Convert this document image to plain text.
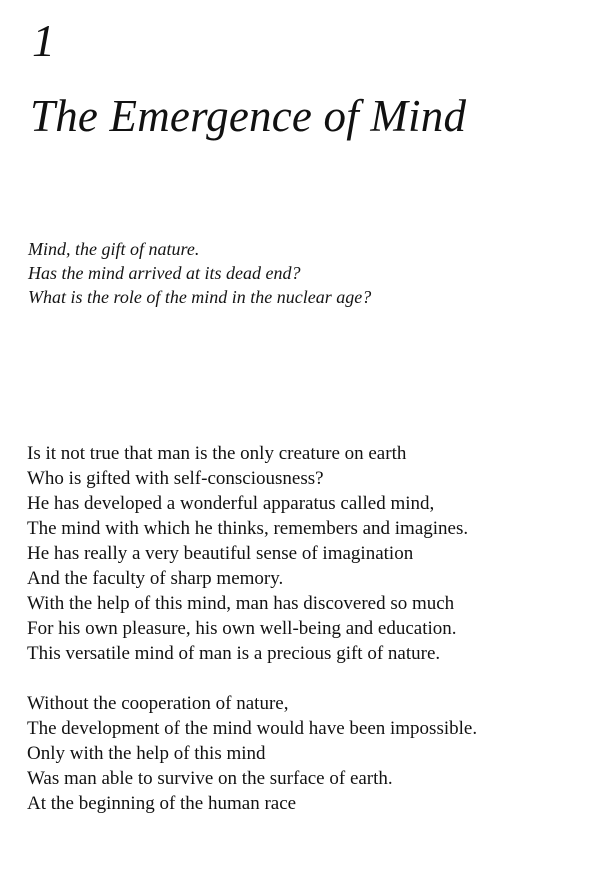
1
The Emergence of Mind
Mind, the gift of nature.
Has the mind arrived at its dead end?
What is the role of the mind in the nuclear age?

Is it not true that man is the only creature on earth
Who is gifted with self-consciousness?
He has developed a wonderful apparatus called mind,
The mind with which he thinks, remembers and imagines.
He has really a very beautiful sense of imagination
And the faculty of sharp memory.
With the help of this mind, man has discovered so much
For his own pleasure, his own well-being and education.
This versatile mind of man is a precious gift of nature.

Without the cooperation of nature,
The development of the mind would have been impossible.
Only with the help of this mind
Was man able to survive on the surface of earth.
At the beginning of the human race
